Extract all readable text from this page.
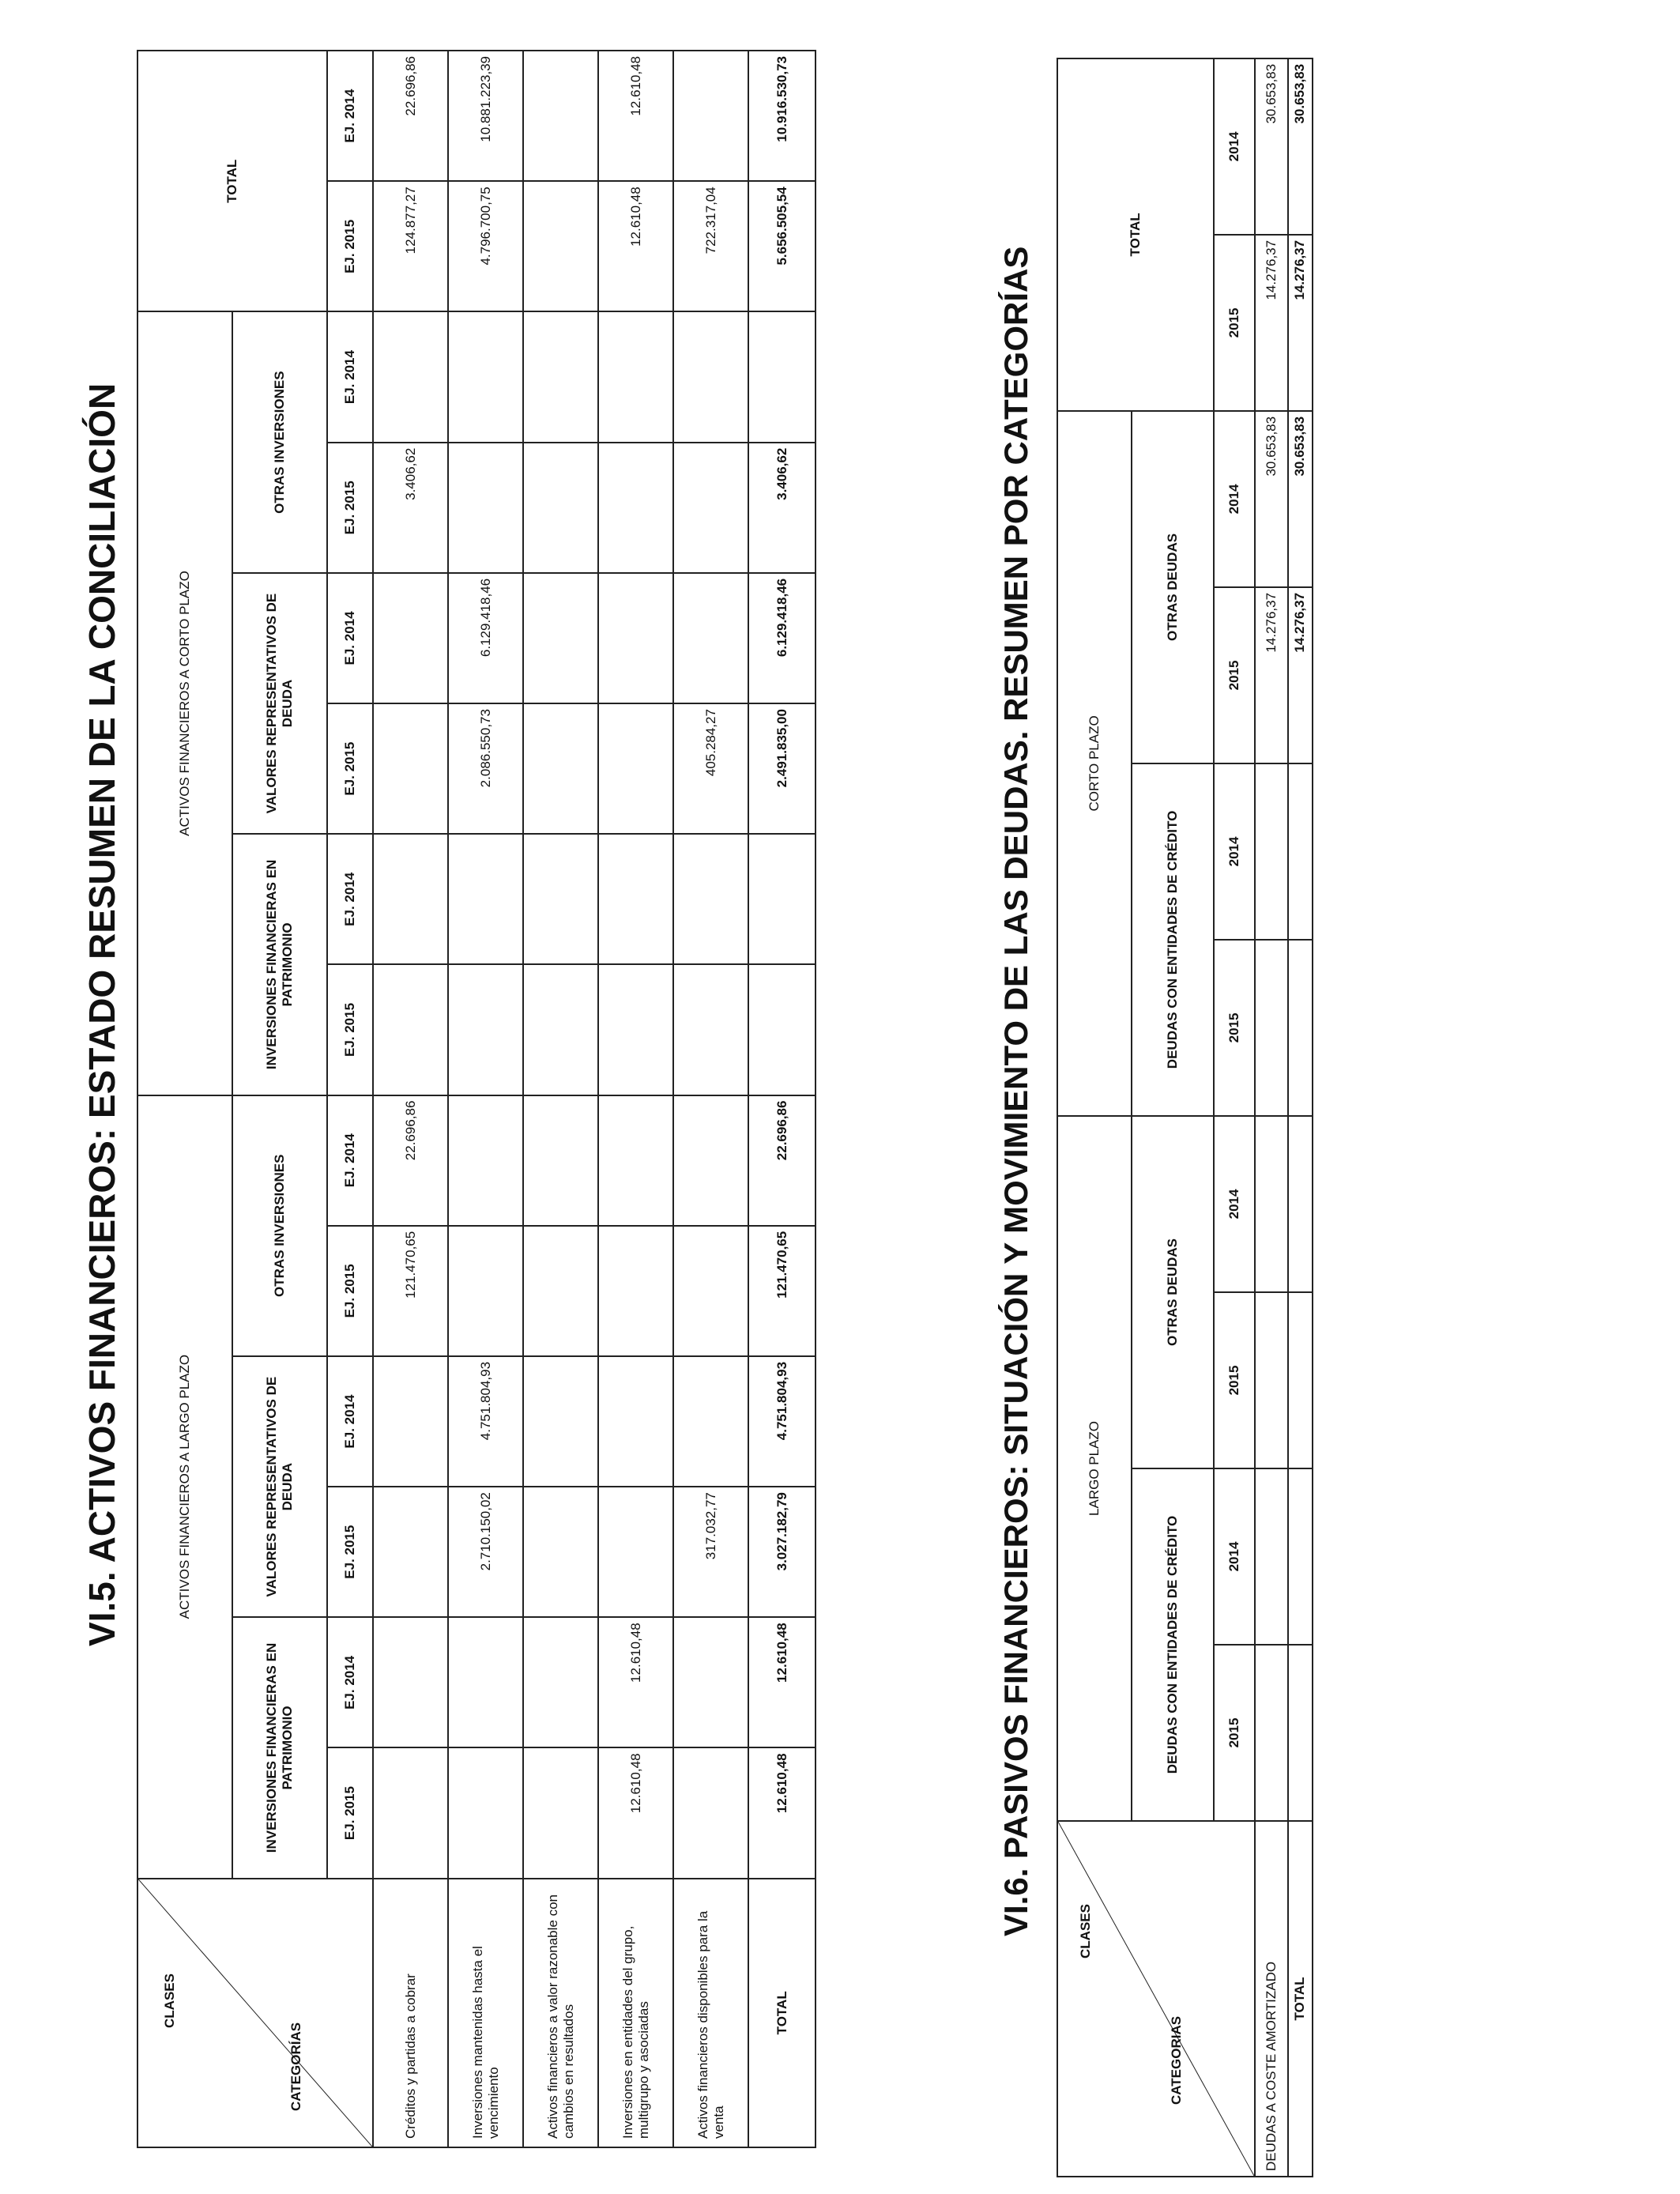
VI.5. ACTIVOS FINANCIEROS: ESTADO RESUMEN DE LA CONCILIACIÓN
CLASES
CATEGORÍAS	ACTIVOS FINANCIEROS A LARGO PLAZO						ACTIVOS FINANCIEROS A CORTO PLAZO						TOTAL	
	INVERSIONES FINANCIERAS EN PATRIMONIO		VALORES REPRESENTATIVOS DE DEUDA		OTRAS INVERSIONES		INVERSIONES FINANCIERAS EN PATRIMONIO		VALORES REPRESENTATIVOS DE DEUDA		OTRAS INVERSIONES			

	EJ. 2015	EJ. 2014	EJ. 2015	EJ. 2014	EJ. 2015	EJ. 2014	EJ. 2015	EJ. 2014	EJ. 2015	EJ. 2014	EJ. 2015	EJ. 2014	EJ. 2015	EJ. 2014
Créditos y partidas a cobrar					121.470,65	22.696,86					3.406,62		124.877,27	22.696,86
Inversiones mantenidas hasta el vencimiento			2.710.150,02	4.751.804,93					2.086.550,73	6.129.418,46			4.796.700,75	10.881.223,39
Activos financieros a valor razonable con cambios en resultados														
Inversiones en entidades del grupo, multigrupo y asociadas	12.610,48	12.610,48											12.610,48	12.610,48
Activos financieros disponibles para la venta			317.032,77						405.284,27				722.317,04	
TOTAL	12.610,48	12.610,48	3.027.182,79	4.751.804,93	121.470,65	22.696,86			2.491.835,00	6.129.418,46	3.406,62		5.656.505,54	10.916.530,73
VI.6. PASIVOS FINANCIEROS: SITUACIÓN Y MOVIMIENTO DE LAS DEUDAS. RESUMEN POR CATEGORÍAS	CLASES
CATEGORIAS	LARGO PLAZO				CORTO PLAZO				TOTAL	
	DEUDAS CON ENTIDADES DE CRÉDITO		OTRAS DEUDAS		DEUDAS CON ENTIDADES DE CRÉDITO		OTRAS DEUDAS			
	2015	2014	2015	2014	2015	2014	2015	2014	2015	2014
DEUDAS A COSTE AMORTIZADO							14.276,37	30.653,83	14.276,37	30.653,83
TOTAL							14.276,37	30.653,83	14.276,37	30.653,83
